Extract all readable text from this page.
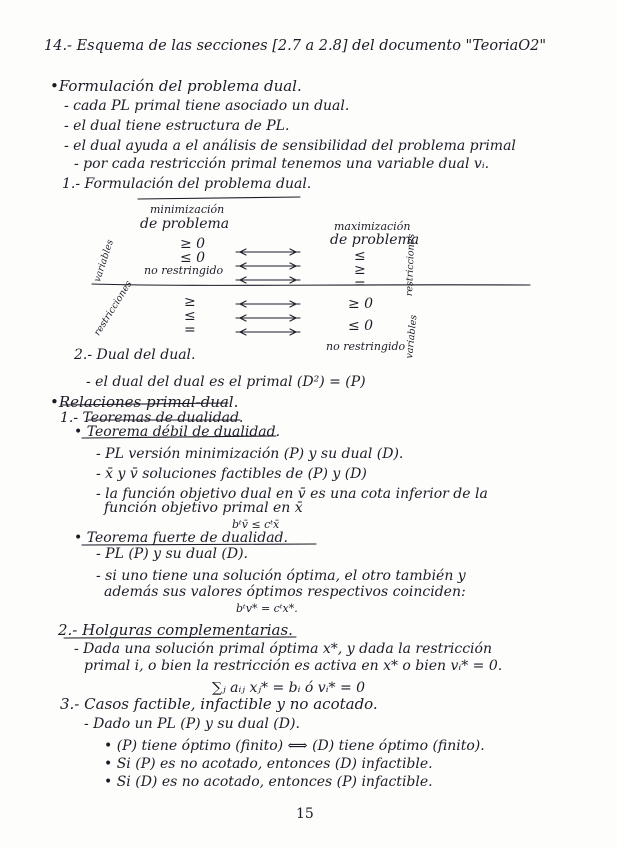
14.- Esquema de las secciones [2.7 a 2.8] del documento "TeoriaO2"
•Formulación del problema dual.
- cada PL primal tiene asociado un dual.
- el dual tiene estructura de PL.
- el dual ayuda a el análisis de sensibilidad del problema primal
- por cada restricción primal tenemos una variable dual vᵢ.
1.- Formulación del problema dual.
minimización
de problema	maximización
de problema
≥ 0
≤ 0
no restringido
≤
≥
=
≥
≤
=
≥ 0
≤ 0
no restringido
variables
restricciones
restricciones
variables
2.- Dual del dual.
- el dual del dual es el primal (D²) = (P)
•Relaciones primal-dual.
1.- Teoremas de dualidad.
• Teorema débil de dualidad.
- PL versión minimización (P) y su dual (D).
- x̄ y v̄ soluciones factibles de (P) y (D)
- la función objetivo dual en v̄ es una cota inferior de la
función objetivo primal en x̄
bᵗv̄ ≤ cᵗx̄
• Teorema fuerte de dualidad.
- PL (P) y su dual (D).
- si uno tiene una solución óptima, el otro también y
además sus valores óptimos respectivos coinciden:
bᵗv* = cᵗx*.
2.- Holguras complementarias.
- Dada una solución primal óptima x*, y dada la restricción
primal i, o bien la restricción es activa en x* o bien vᵢ* = 0.
∑ⱼ aᵢⱼ xⱼ* = bᵢ ó vᵢ* = 0
3.- Casos factible, infactible y no acotado.
- Dado un PL (P) y su dual (D).
• (P) tiene óptimo (finito) ⟺ (D) tiene óptimo (finito).
• Si (P) es no acotado, entonces (D) infactible.
• Si (D) es no acotado, entonces (P) infactible.
15
